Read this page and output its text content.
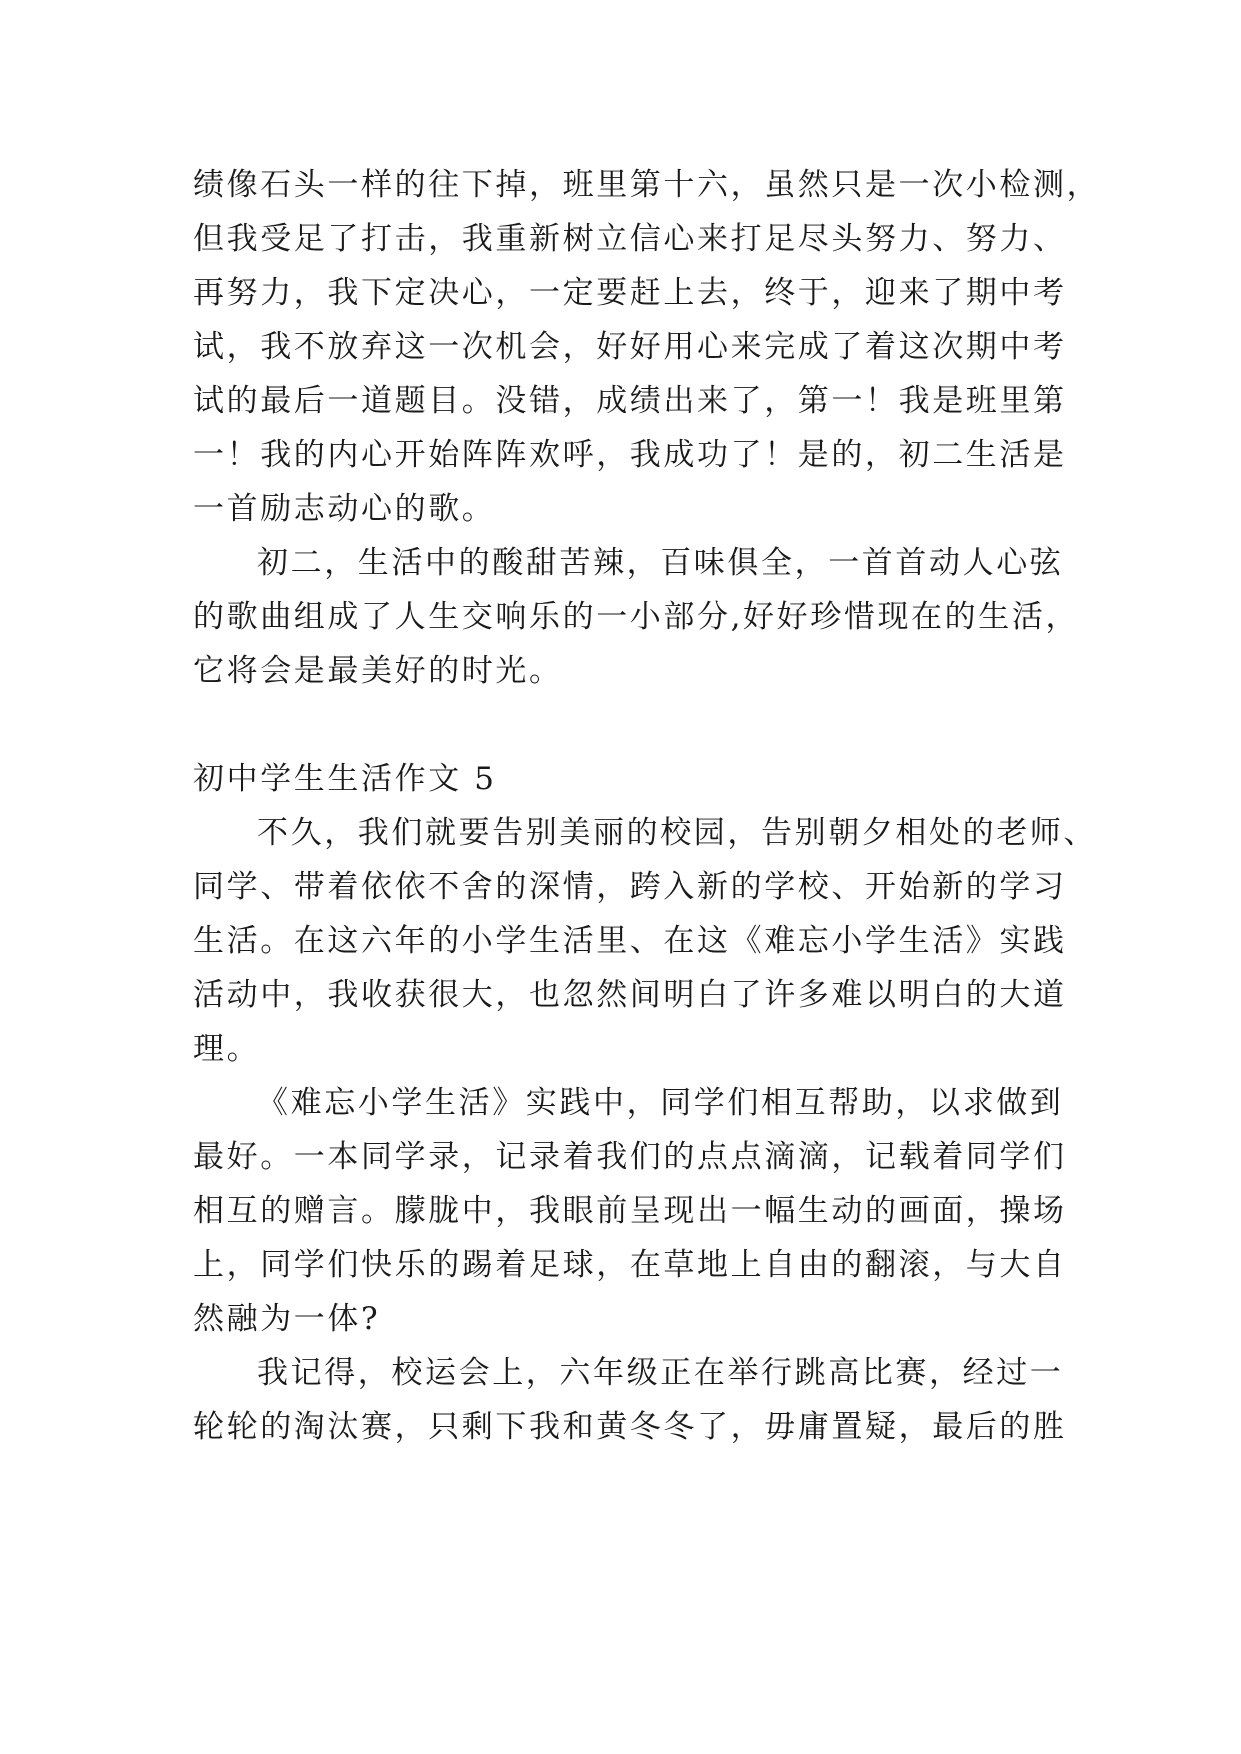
绩像石头一样的往下掉，班里第十六，虽然只是一次小检测，
但我受足了打击，我重新树立信心来打足尽头努力、努力、
再努力，我下定决心，一定要赶上去，终于，迎来了期中考
试，我不放弃这一次机会，好好用心来完成了着这次期中考
试的最后一道题目。没错，成绩出来了，第一！我是班里第
一！我的内心开始阵阵欢呼，我成功了！是的，初二生活是
一首励志动心的歌。
初二，生活中的酸甜苦辣，百味俱全，一首首动人心弦
的歌曲组成了人生交响乐的一小部分,好好珍惜现在的生活，
它将会是最美好的时光。
初中学生生活作文 5
不久，我们就要告别美丽的校园，告别朝夕相处的老师、
同学、带着依依不舍的深情，跨入新的学校、开始新的学习
生活。在这六年的小学生活里、在这《难忘小学生活》实践
活动中，我收获很大，也忽然间明白了许多难以明白的大道
理。
《难忘小学生活》实践中，同学们相互帮助，以求做到
最好。一本同学录，记录着我们的点点滴滴，记载着同学们
相互的赠言。朦胧中，我眼前呈现出一幅生动的画面，操场
上，同学们快乐的踢着足球，在草地上自由的翻滚，与大自
然融为一体?
我记得，校运会上，六年级正在举行跳高比赛，经过一
轮轮的淘汰赛，只剩下我和黄冬冬了，毋庸置疑，最后的胜
